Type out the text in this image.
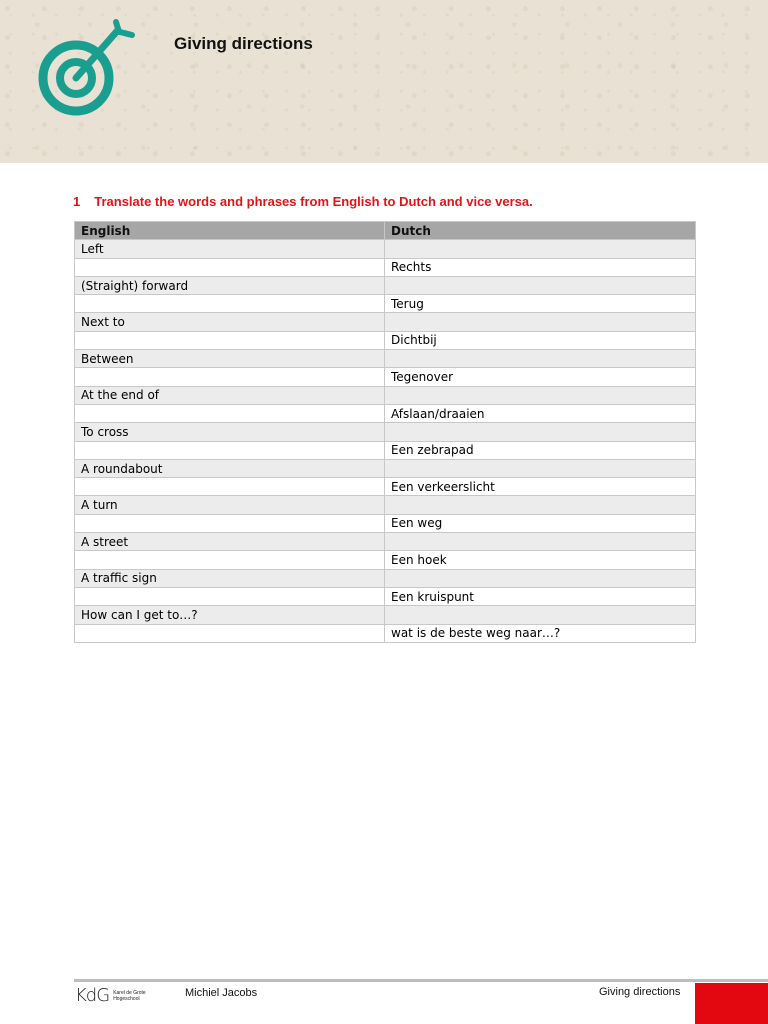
Giving directions
1 Translate the words and phrases from English to Dutch and vice versa.
English	Dutch
Left	
	Rechts
(Straight) forward	
	Terug
Next to	
	Dichtbij
Between	
	Tegenover
At the end of	
	Afslaan/draaien
To cross	
	Een zebrapad
A roundabout	
	Een verkeerslicht
A turn	
	Een weg
A street	
	Een hoek
A traffic sign	
	Een kruispunt
How can I get to…?	
	wat is de beste weg naar…?
KdG Karel de Grote
Hogeschool	Michiel Jacobs	Giving directions
